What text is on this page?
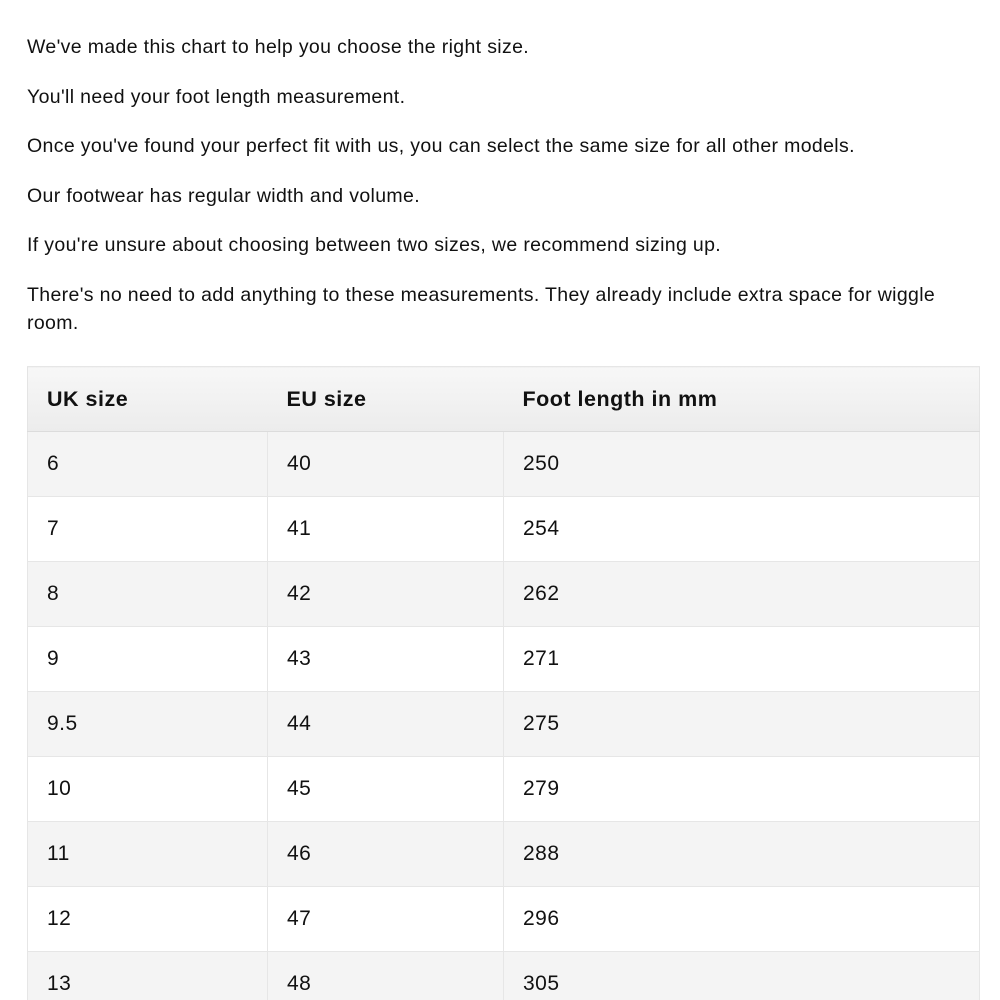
We've made this chart to help you choose the right size.

You'll need your foot length measurement.

Once you've found your perfect fit with us, you can select the same size for all other models.

Our footwear has regular width and volume.

If you're unsure about choosing between two sizes, we recommend sizing up.

There's no need to add anything to these measurements. They already include extra space for wiggle room.

UK size	EU size	Foot length in mm
6	40	250
7	41	254
8	42	262
9	43	271
9.5	44	275
10	45	279
11	46	288
12	47	296
13	48	305
